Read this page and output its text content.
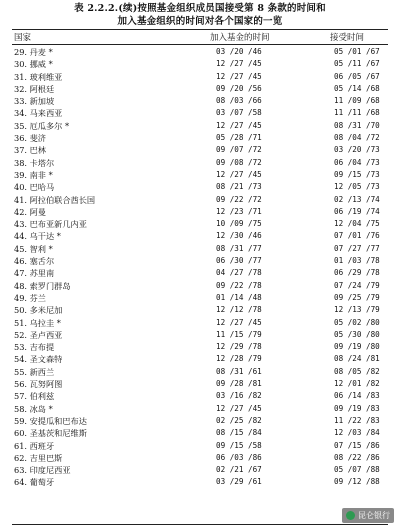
表 2.2.2.(续)按照基金组织成员国接受第 8 条款的时间和
加入基金组织的时间对各个国家的一览
国家	加入基金的时间	接受时间
29. 丹麦 *	03 /20 /46	05 /01 /67
30. 挪威 *	12 /27 /45	05 /11 /67
31. 玻利维亚	12 /27 /45	06 /05 /67
32. 阿根廷	09 /20 /56	05 /14 /68
33. 新加坡	08 /03 /66	11 /09 /68
34. 马来西亚	03 /07 /58	11 /11 /68
35. 厄瓜多尔 *	12 /27 /45	08 /31 /70
36. 斐济	05 /28 /71	08 /04 /72
37. 巴林	09 /07 /72	03 /20 /73
38. 卡塔尔	09 /08 /72	06 /04 /73
39. 南非 *	12 /27 /45	09 /15 /73
40. 巴哈马	08 /21 /73	12 /05 /73
41. 阿拉伯联合酋长国	09 /22 /72	02 /13 /74
42. 阿曼	12 /23 /71	06 /19 /74
43. 巴布亚新几内亚	10 /09 /75	12 /04 /75
44. 乌干达 *	12 /30 /46	07 /01 /76
45. 智利 *	08 /31 /77	07 /27 /77
46. 塞舌尔	06 /30 /77	01 /03 /78
47. 苏里南	04 /27 /78	06 /29 /78
48. 索罗门群岛	09 /22 /78	07 /24 /79
49. 芬兰	01 /14 /48	09 /25 /79
50. 多米尼加	12 /12 /78	12 /13 /79
51. 乌拉圭 *	12 /27 /45	05 /02 /80
52. 圣卢西亚	11 /15 /79	05 /30 /80
53. 吉布提	12 /29 /78	09 /19 /80
54. 圣文森特	12 /28 /79	08 /24 /81
55. 新西兰	08 /31 /61	08 /05 /82
56. 瓦努阿图	09 /28 /81	12 /01 /82
57. 伯利兹	03 /16 /82	06 /14 /83
58. 冰岛 *	12 /27 /45	09 /19 /83
59. 安提瓜和巴布达	02 /25 /82	11 /22 /83
60. 圣基茨和尼维斯	08 /15 /84	12 /03 /84
61. 西班牙	09 /15 /58	07 /15 /86
62. 吉里巴斯	06 /03 /86	08 /22 /86
63. 印度尼西亚	02 /21 /67	05 /07 /88
64. 葡萄牙	03 /29 /61	09 /12 /88
昆仑银行
